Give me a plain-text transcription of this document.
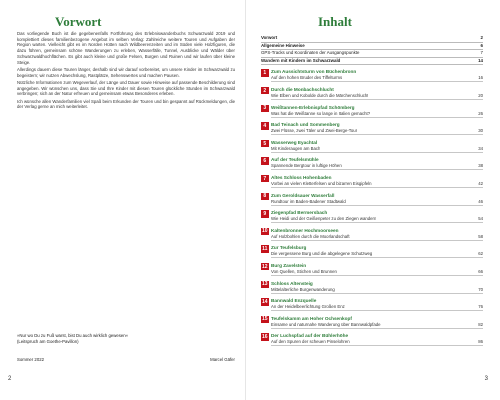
Vorwort

Das vorliegende Buch ist die gegebenenfalls Fortführung des Erlebniswanderbuchs Schwarzwald 2019 und komplettiert dieses familienbezogene Angebot im selben Verlag: Zahlreiche weitere Touren und Aufgaben der Region warten. Vielleicht gibt es im Norden Hütten nach Wildbeerenzeiten und im Süden viele Holzfiguren, die dazu führen, gemeinsam schöne Wanderungen zu erleben, Wasserfälle, Tunnel, Ausblicke und Wälder über Schwarzwaldhochflächen. Es gibt auch kleine und große Felsen, Burgen und Ruinen und wir laufen über kleine Steige.

Allerdings dauern diese Touren länger, deshalb sind wir darauf vorbereitet, um unsere Kinder im Schwarzwald zu begeistern; wir nutzen Abwechslung, Rastplätze, Sehenswertes und machen Pausen.

Nützliche Informationen zum Wegeverlauf, der Länge und Dauer sowie Hinweise auf passende Beschilderung sind angegeben. Wir wünschen uns, dass Sie und Ihre Kinder mit diesen Touren glückliche Stunden im Schwarzwald verbringen; sich an der Natur erfreuen und gemeinsam etwas Besonderes erleben.

Ich wünsche allen Wanderfamilien viel Spaß beim Erkunden der Touren und bin gespannt auf Rückmeldungen, die der Verlag gerne an mich weiterleitet.

»Nur wo Du zu Fuß warst, bist Du auch wirklich gewesen«

(Leitspruch am Goethe-Pavillon)

Sommer 2022	Marcel Gäfer
2
Inhalt
Vorwort	2
Allgemeine Hinweise	6
GPS-Tracks und Koordinaten der Ausgangspunkte	7
Wandern mit Kindern im Schwarzwald	14
1	Zum Aussichtsturm von Büchenbronn
Auf den hohen Bruder des Tiffelturms	16
2	Durch die Monbachschlucht
Wie Elben und Kobolde durch die Märchenschlucht	20
3	Weißtannen-Erlebnispfad Schömberg
Was hat die Weißtanne so lange in Italien gemacht?	26
4	Bad Teinach und Sommenberg
Zwei Flüsse, zwei Täler und Zwei-Berge-Tour	30
5	Wasserweg Eyachtal
Mit Kinderaugen am Bach	34
6	Auf der Teufelsmühle
Spannende Bergtour in luftige Höhen	38
7	Altes Schloss Hohenbaden
Vorbei an vielen Kletterfelsen und bizarren Eisgipfeln	42
8	Zum Geroldsauer Wasserfall
Rundtour im Baden-Badener Stadtwald	46
9	Ziegenpfad Bermersbach
Wie Heidi und der Geißenpeter zu den Ziegen wandern	54
10 Kaltenbronner Hochmoorseen
Auf Holzbohlen durch die Moorlandschaft	58
11 Zur Teufelsburg
Die vergessene Burg und die abgelegene Schutzweg	62
12 Burg Zavelstein
Von Quellen, Stichen und Brunnen	66
13 Schloss Altensteig
Mittelalterliche Burgenwanderung	70
14 Bannwald Enzquelle
An der Heidelbeerlichtung Großen Enz	76
15 Teufelskamm am Hoher Ochsenkopf
Einsame und naturnahe Wanderung über Bannwaldpfade	82
16 Der Luchspfad auf der Bühlerhöhe
Auf den Spuren der scheuen Pinselohren	86
3
